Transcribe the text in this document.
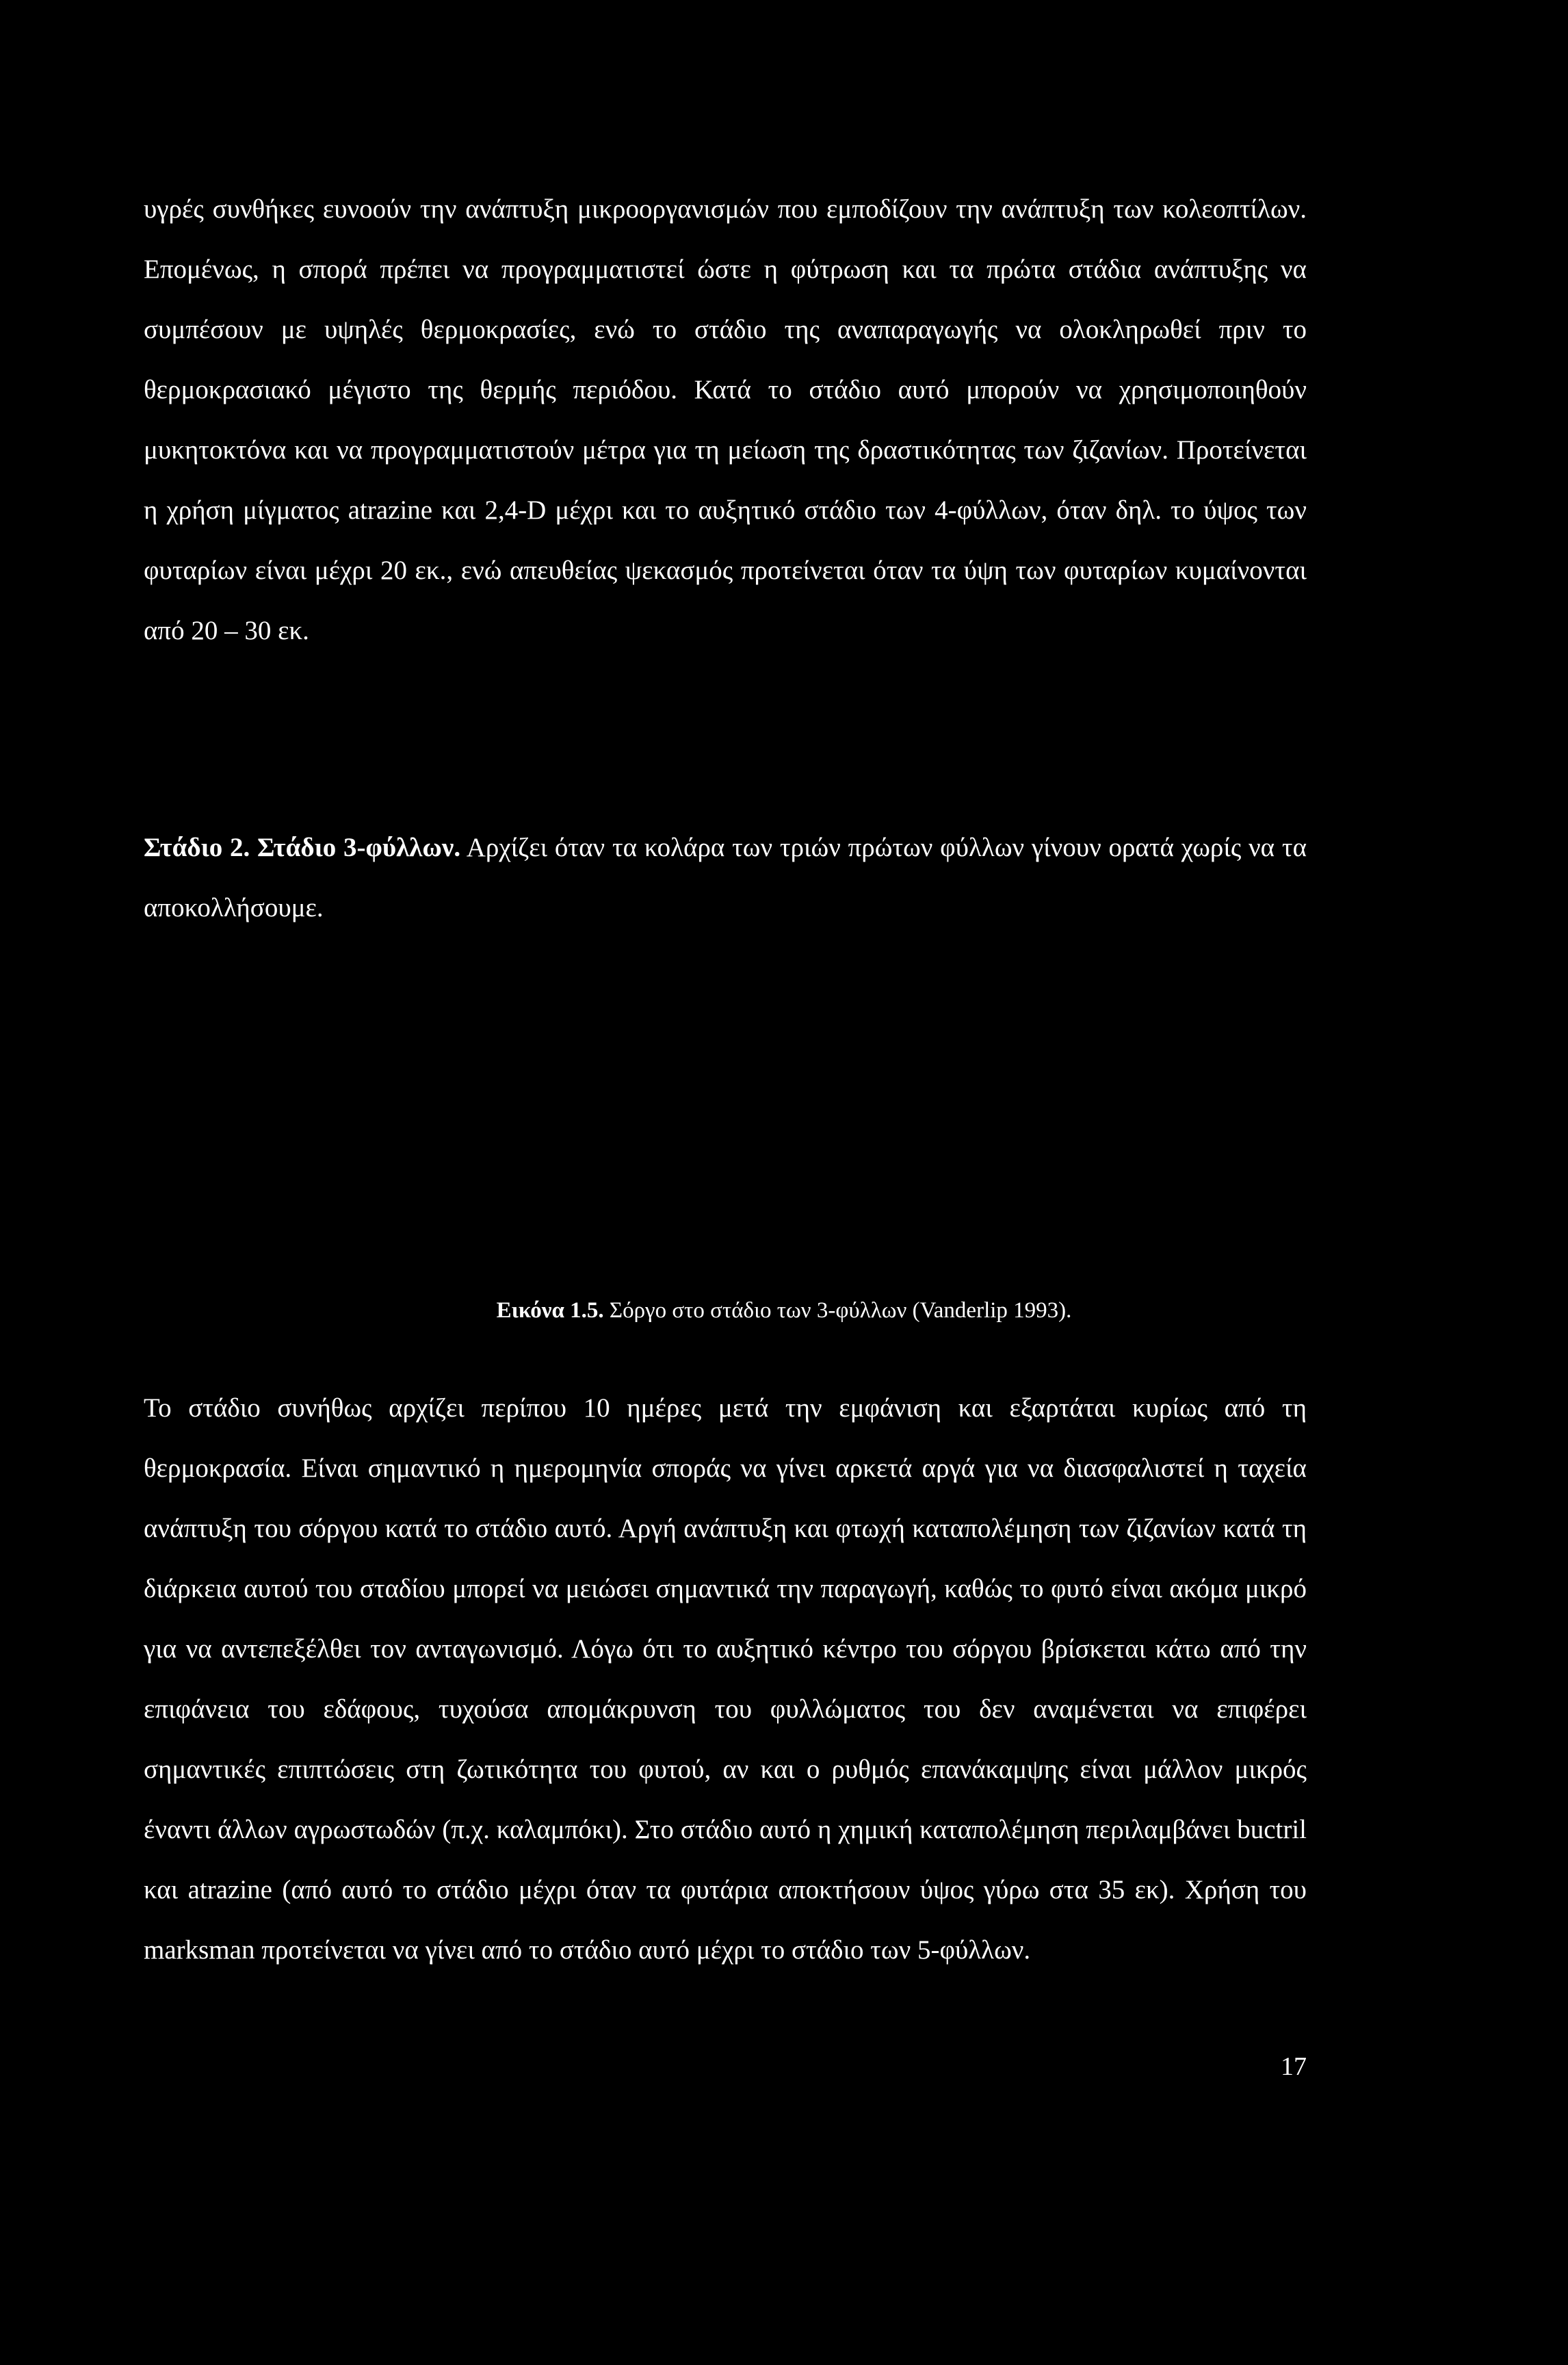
υγρές συνθήκες ευνοούν την ανάπτυξη μικροοργανισμών που εμποδίζουν την ανάπτυξη των κολεοπτίλων. Επομένως, η σπορά πρέπει να προγραμματιστεί ώστε η φύτρωση και τα πρώτα στάδια ανάπτυξης να συμπέσουν με υψηλές θερμοκρασίες, ενώ το στάδιο της αναπαραγωγής να ολοκληρωθεί πριν το θερμοκρασιακό μέγιστο της θερμής περιόδου. Κατά το στάδιο αυτό μπορούν να χρησιμοποιηθούν μυκητοκτόνα και να προγραμματιστούν μέτρα για τη μείωση της δραστικότητας των ζιζανίων. Προτείνεται η χρήση μίγματος atrazine και 2,4-D μέχρι και το αυξητικό στάδιο των 4-φύλλων, όταν δηλ. το ύψος των φυταρίων είναι μέχρι 20 εκ., ενώ απευθείας ψεκασμός προτείνεται όταν τα ύψη των φυταρίων κυμαίνονται από 20 – 30 εκ.

Στάδιο 2. Στάδιο 3-φύλλων. Αρχίζει όταν τα κολάρα των τριών πρώτων φύλλων γίνουν ορατά χωρίς να τα αποκολλήσουμε.

Εικόνα 1.5. Σόργο στο στάδιο των 3-φύλλων (Vanderlip 1993).

Το στάδιο συνήθως αρχίζει περίπου 10 ημέρες μετά την εμφάνιση και εξαρτάται κυρίως από τη θερμοκρασία. Είναι σημαντικό η ημερομηνία σποράς να γίνει αρκετά αργά για να διασφαλιστεί η ταχεία ανάπτυξη του σόργου κατά το στάδιο αυτό. Αργή ανάπτυξη και φτωχή καταπολέμηση των ζιζανίων κατά τη διάρκεια αυτού του σταδίου μπορεί να μειώσει σημαντικά την παραγωγή, καθώς το φυτό είναι ακόμα μικρό για να αντεπεξέλθει τον ανταγωνισμό. Λόγω ότι το αυξητικό κέντρο του σόργου βρίσκεται κάτω από την επιφάνεια του εδάφους, τυχούσα απομάκρυνση του φυλλώματος του δεν αναμένεται να επιφέρει σημαντικές επιπτώσεις στη ζωτικότητα του φυτού, αν και ο ρυθμός επανάκαμψης είναι μάλλον μικρός έναντι άλλων αγρωστωδών (π.χ. καλαμπόκι). Στο στάδιο αυτό η χημική καταπολέμηση περιλαμβάνει buctril και atrazine (από αυτό το στάδιο μέχρι όταν τα φυτάρια αποκτήσουν ύψος γύρω στα 35 εκ). Χρήση του marksman προτείνεται να γίνει από το στάδιο αυτό μέχρι το στάδιο των 5-φύλλων.

17
